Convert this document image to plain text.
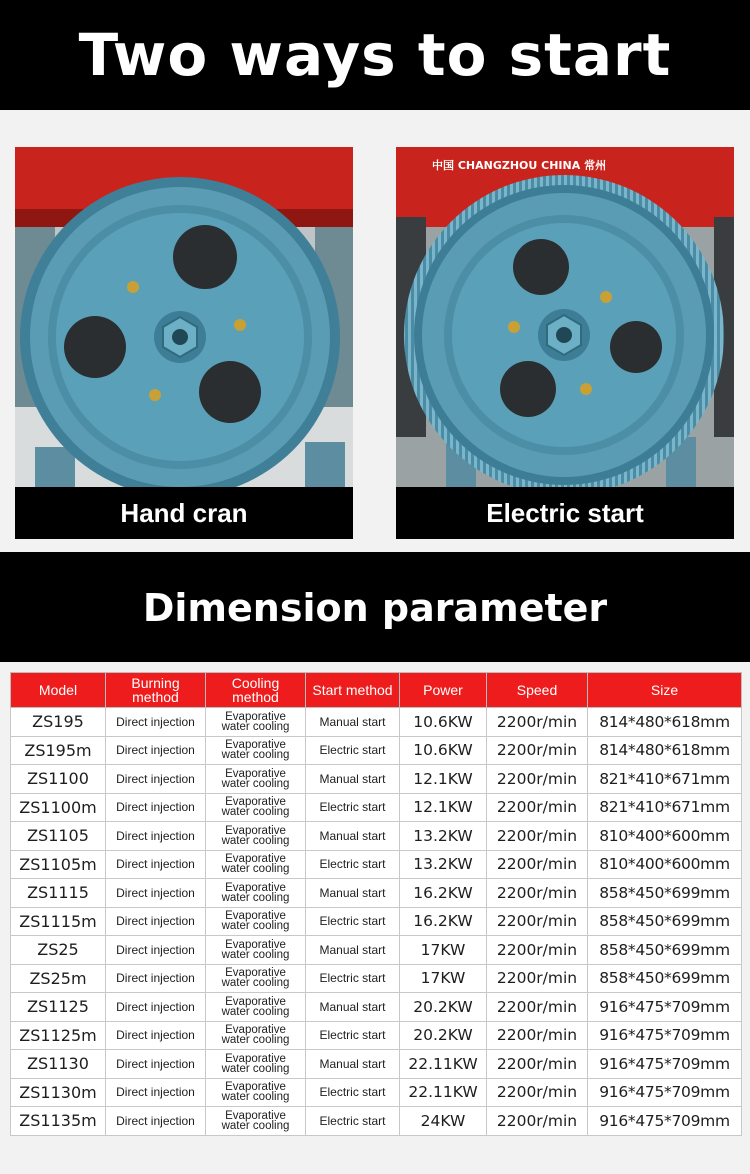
Two ways to start
Hand cran
中国 CHANGZHOU CHINA 常州
Electric start
Dimension parameter
Model	Burning method	Cooling method	Start method	Power	Speed	Size
ZS195	Direct injection	Evaporative
water cooling	Manual start	10.6KW	2200r/min	814*480*618mm
ZS195m	Direct injection	Evaporative
water cooling	Electric start	10.6KW	2200r/min	814*480*618mm
ZS1100	Direct injection	Evaporative
water cooling	Manual start	12.1KW	2200r/min	821*410*671mm
ZS1100m	Direct injection	Evaporative
water cooling	Electric start	12.1KW	2200r/min	821*410*671mm
ZS1105	Direct injection	Evaporative
water cooling	Manual start	13.2KW	2200r/min	810*400*600mm
ZS1105m	Direct injection	Evaporative
water cooling	Electric start	13.2KW	2200r/min	810*400*600mm
ZS1115	Direct injection	Evaporative
water cooling	Manual start	16.2KW	2200r/min	858*450*699mm
ZS1115m	Direct injection	Evaporative
water cooling	Electric start	16.2KW	2200r/min	858*450*699mm
ZS25	Direct injection	Evaporative
water cooling	Manual start	17KW	2200r/min	858*450*699mm
ZS25m	Direct injection	Evaporative
water cooling	Electric start	17KW	2200r/min	858*450*699mm
ZS1125	Direct injection	Evaporative
water cooling	Manual start	20.2KW	2200r/min	916*475*709mm
ZS1125m	Direct injection	Evaporative
water cooling	Electric start	20.2KW	2200r/min	916*475*709mm
ZS1130	Direct injection	Evaporative
water cooling	Manual start	22.11KW	2200r/min	916*475*709mm
ZS1130m	Direct injection	Evaporative
water cooling	Electric start	22.11KW	2200r/min	916*475*709mm
ZS1135m	Direct injection	Evaporative
water cooling	Electric start	24KW	2200r/min	916*475*709mm
